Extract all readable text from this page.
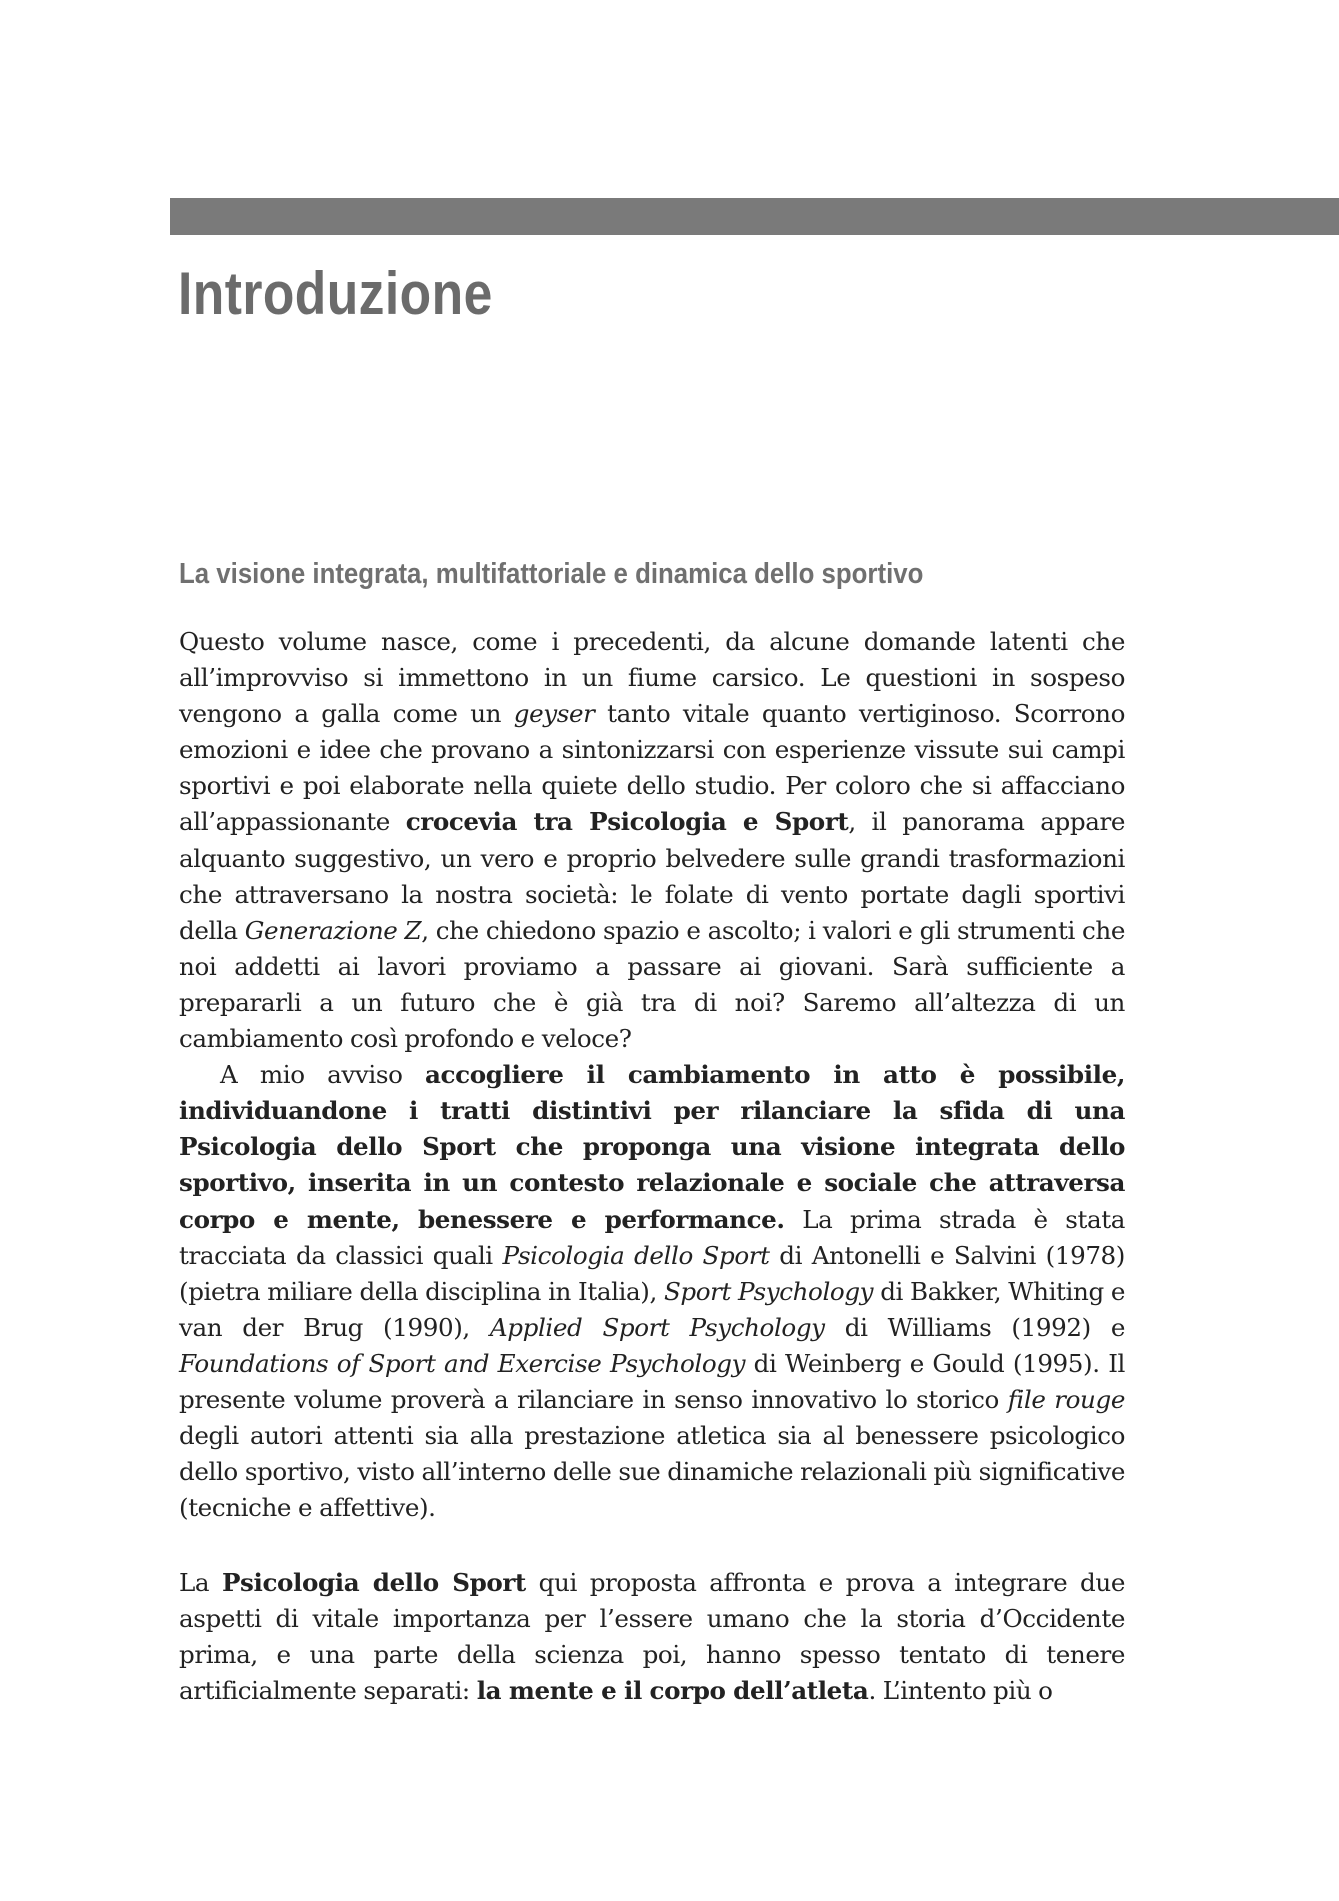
Introduzione
La visione integrata, multifattoriale e dinamica dello sportivo

Questo volume nasce, come i precedenti, da alcune domande latenti che all’improvviso si immettono in un fiume carsico. Le questioni in sospeso vengono a galla come un geyser tanto vitale quanto vertiginoso. Scorrono emozioni e idee che provano a sintonizzarsi con esperienze vissute sui campi sportivi e poi elaborate nella quiete dello studio. Per coloro che si affacciano all’appassionante crocevia tra Psicologia e Sport, il panorama appare alquanto suggestivo, un vero e proprio belvedere sulle grandi trasformazioni che attraversano la nostra società: le folate di vento portate dagli sportivi della Generazione Z, che chiedono spazio e ascolto; i valori e gli strumenti che noi addetti ai lavori proviamo a passare ai giovani. Sarà sufficiente a prepararli a un futuro che è già tra di noi? Saremo all’altezza di un cambiamento così profondo e veloce?

A mio avviso accogliere il cambiamento in atto è possibile, individuandone i tratti distintivi per rilanciare la sfida di una Psicologia dello Sport che proponga una visione integrata dello sportivo, inserita in un contesto relazionale e sociale che attraversa corpo e mente, benessere e performance. La prima strada è stata tracciata da classici quali Psicologia dello Sport di Antonelli e Salvini (1978) (pietra miliare della disciplina in Italia), Sport Psychology di Bakker, Whiting e van der Brug (1990), Applied Sport Psychology di Williams (1992) e Foundations of Sport and Exercise Psychology di Weinberg e Gould (1995). Il presente volume proverà a rilanciare in senso innovativo lo storico file rouge degli autori attenti sia alla prestazione atletica sia al benessere psicologico dello sportivo, visto all’interno delle sue dinamiche relazionali più significative (tecniche e affettive).

La Psicologia dello Sport qui proposta affronta e prova a integrare due aspetti di vitale importanza per l’essere umano che la storia d’Occidente prima, e una parte della scienza poi, hanno spesso tentato di tenere artificialmente separati: la mente e il corpo dell’atleta. L’intento più o
